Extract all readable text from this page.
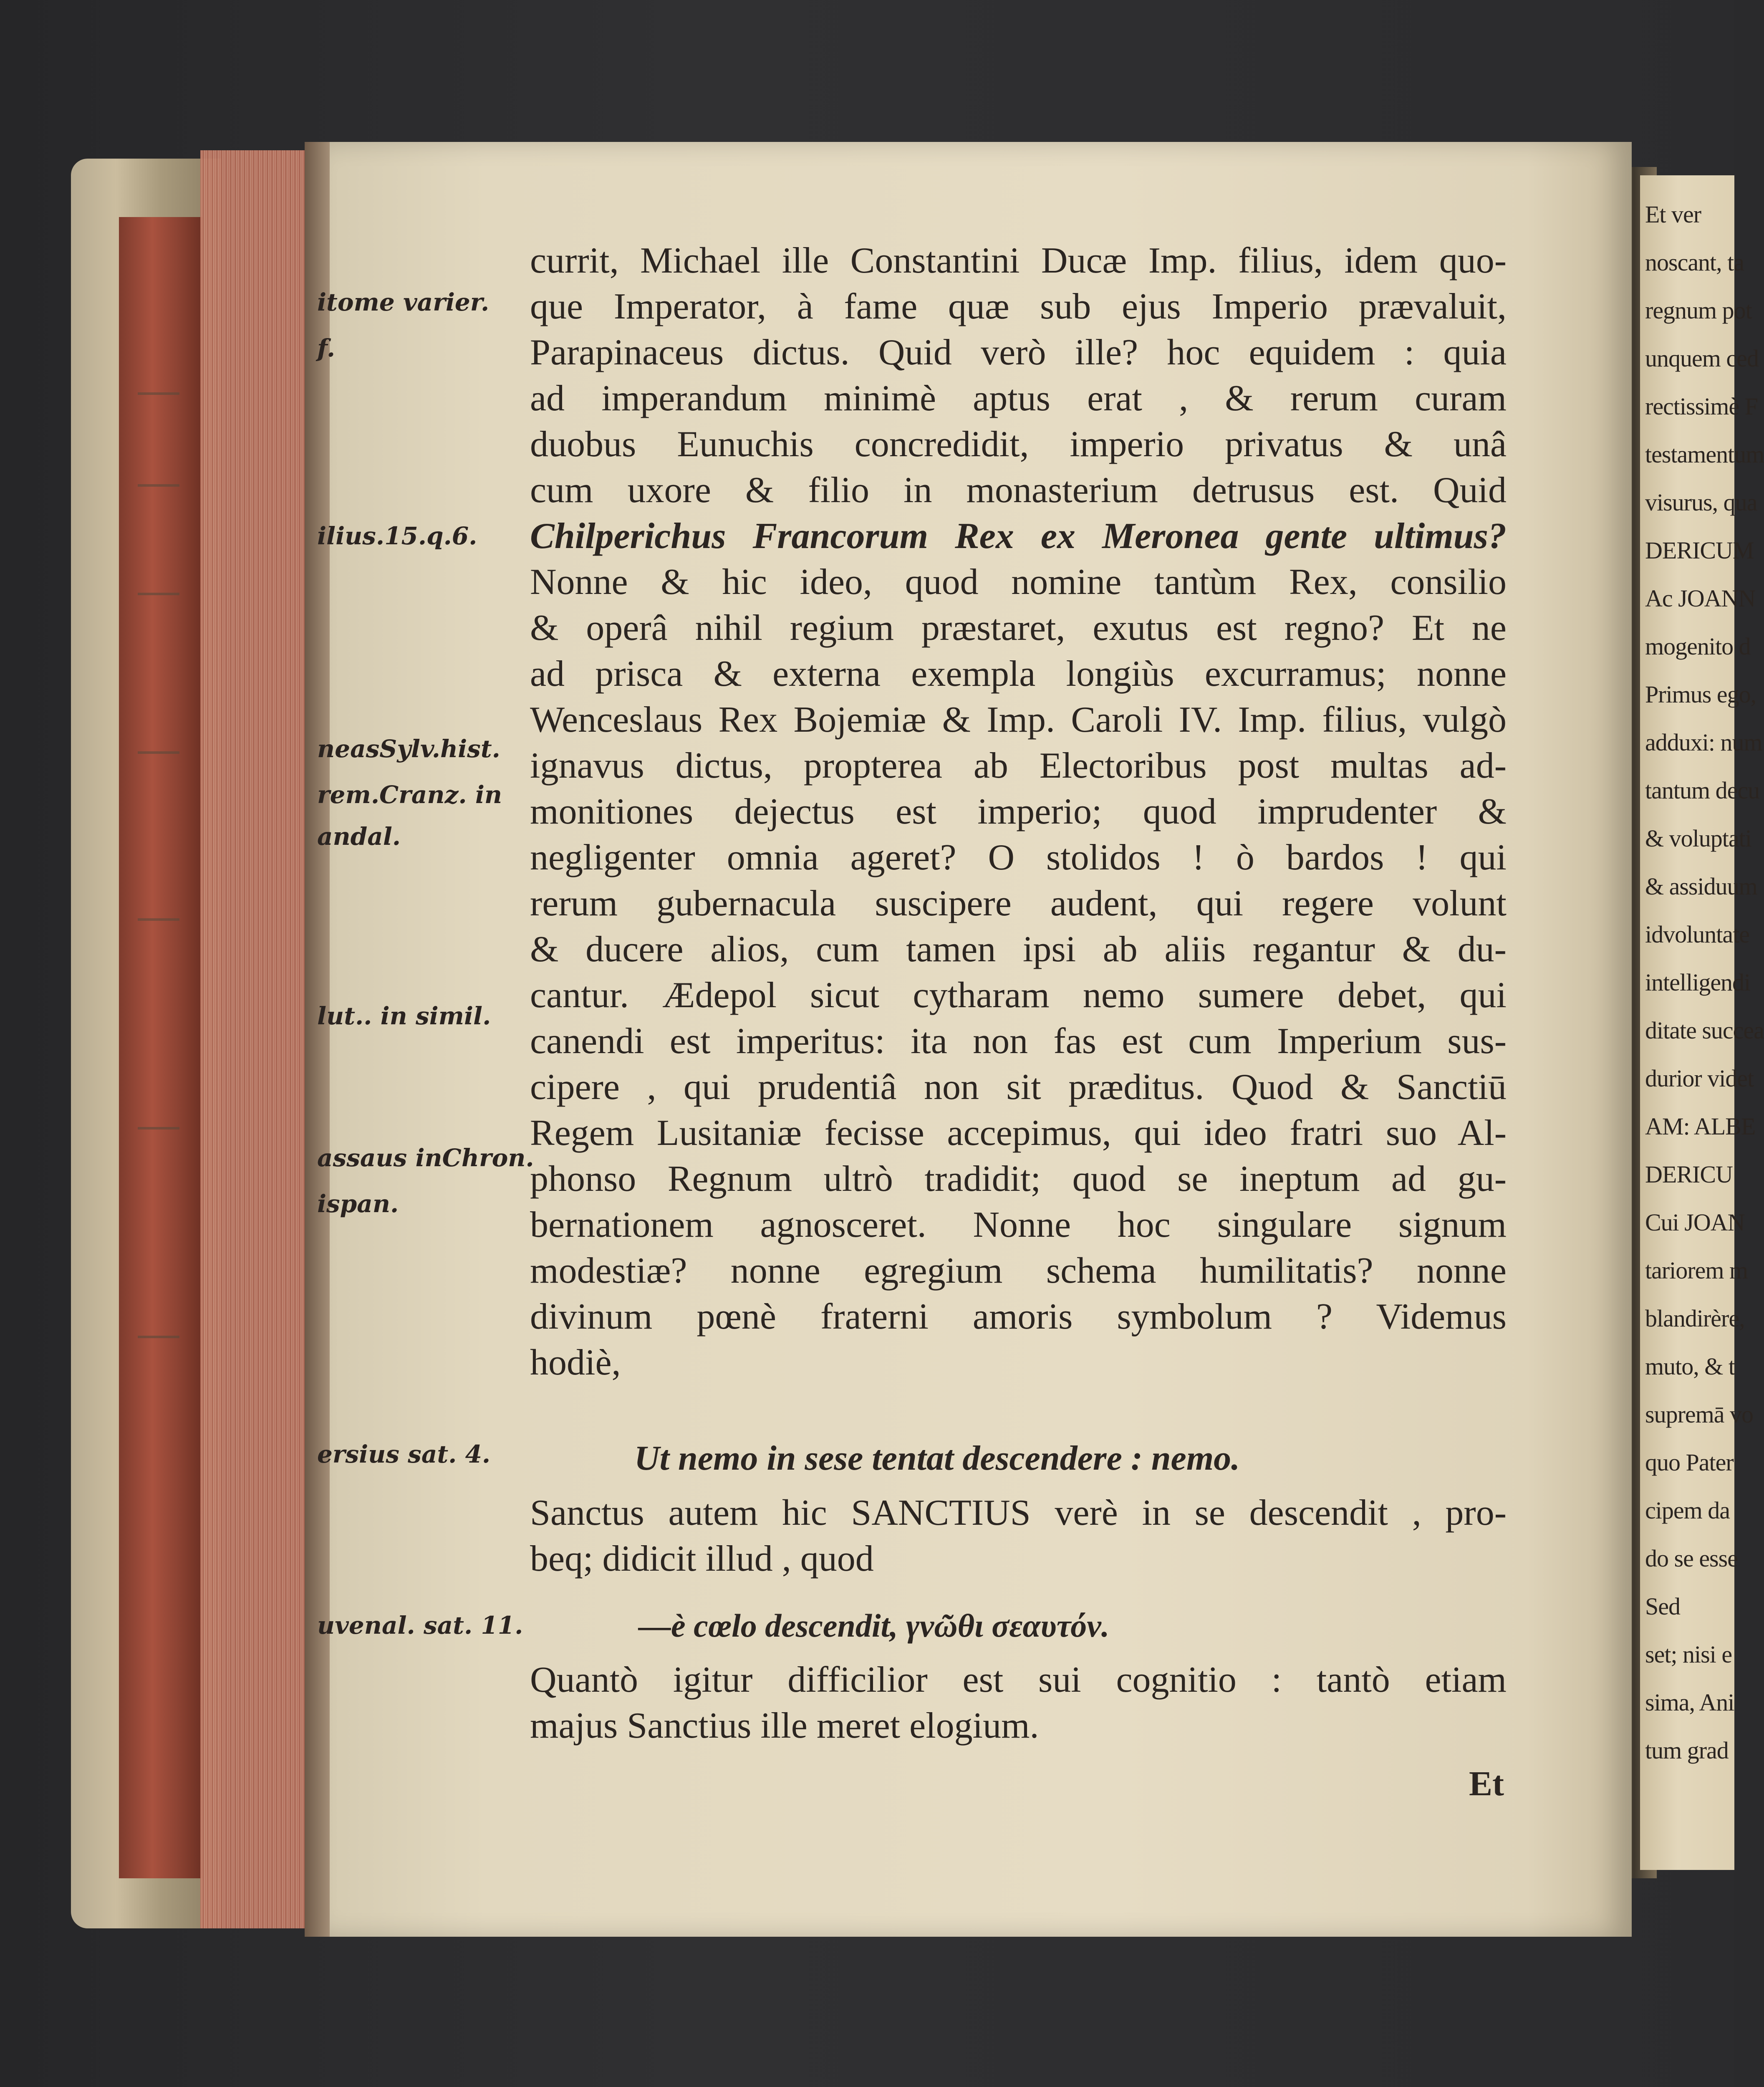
Et ver
noscant, ta
regnum pot
unquem ced
rectissimè F
testamentum
visurus, qua
DERICUM
Ac JOANN
mogenito d
Primus ego,
adduxi: num
tantum decu
& voluptati
& assiduum
idvoluntate
intelligendi
ditate succea
durior videt
AM: ALBE
DERICU
Cui JOAN
tariorem m
blandirère,
muto, & t
supremā vo
quo Pater
cipem da
do se esse
Sed
set; nisi e
sima, Ani
tum grad
itome varier.
f.
ilius.15.q.6.
neasSylv.hist.
rem.Cranz. in
andal.
lut.. in simil.
assaus inChron.
ispan.
ersius sat. 4.
uvenal. sat. 11.
currit, Michael ille Constantini Ducæ Imp. filius, idem quo-
que Imperator, à fame quæ sub ejus Imperio prævaluit,
Parapinaceus dictus. Quid verò ille? hoc equidem : quia
ad imperandum minimè aptus erat , & rerum curam
duobus Eunuchis concredidit, imperio privatus & unâ
cum uxore & filio in monasterium detrusus est. Quid
Chilperichus Francorum Rex ex Meronea gente ultimus?
Nonne & hic ideo, quod nomine tantùm Rex, consilio
& operâ nihil regium præstaret, exutus est regno? Et ne
ad prisca & externa exempla longiùs excurramus; nonne
Wenceslaus Rex Bojemiæ & Imp. Caroli IV. Imp. filius, vulgò
ignavus dictus, propterea ab Electoribus post multas ad-
monitiones dejectus est imperio; quod imprudenter &
negligenter omnia ageret? O stolidos ! ò bardos ! qui
rerum gubernacula suscipere audent, qui regere volunt
& ducere alios, cum tamen ipsi ab aliis regantur & du-
cantur. Ædepol sicut cytharam nemo sumere debet, qui
canendi est imperitus: ita non fas est cum Imperium sus-
cipere , qui prudentiâ non sit præditus. Quod & Sanctiū
Regem Lusitaniæ fecisse accepimus, qui ideo fratri suo Al-
phonso Regnum ultrò tradidit; quod se ineptum ad gu-
bernationem agnosceret. Nonne hoc singulare signum
modestiæ? nonne egregium schema humilitatis? nonne
divinum pœnè fraterni amoris symbolum ? Videmus
hodiè,
Ut nemo in sese tentat descendere : nemo.
Sanctus autem hic SANCTIUS verè in se descendit , pro-
beq; didicit illud , quod
—è cœlo descendit, γνῶθι σεαυτόν.
Quantò igitur difficilior est sui cognitio : tantò etiam
majus Sanctius ille meret elogium.
Et
